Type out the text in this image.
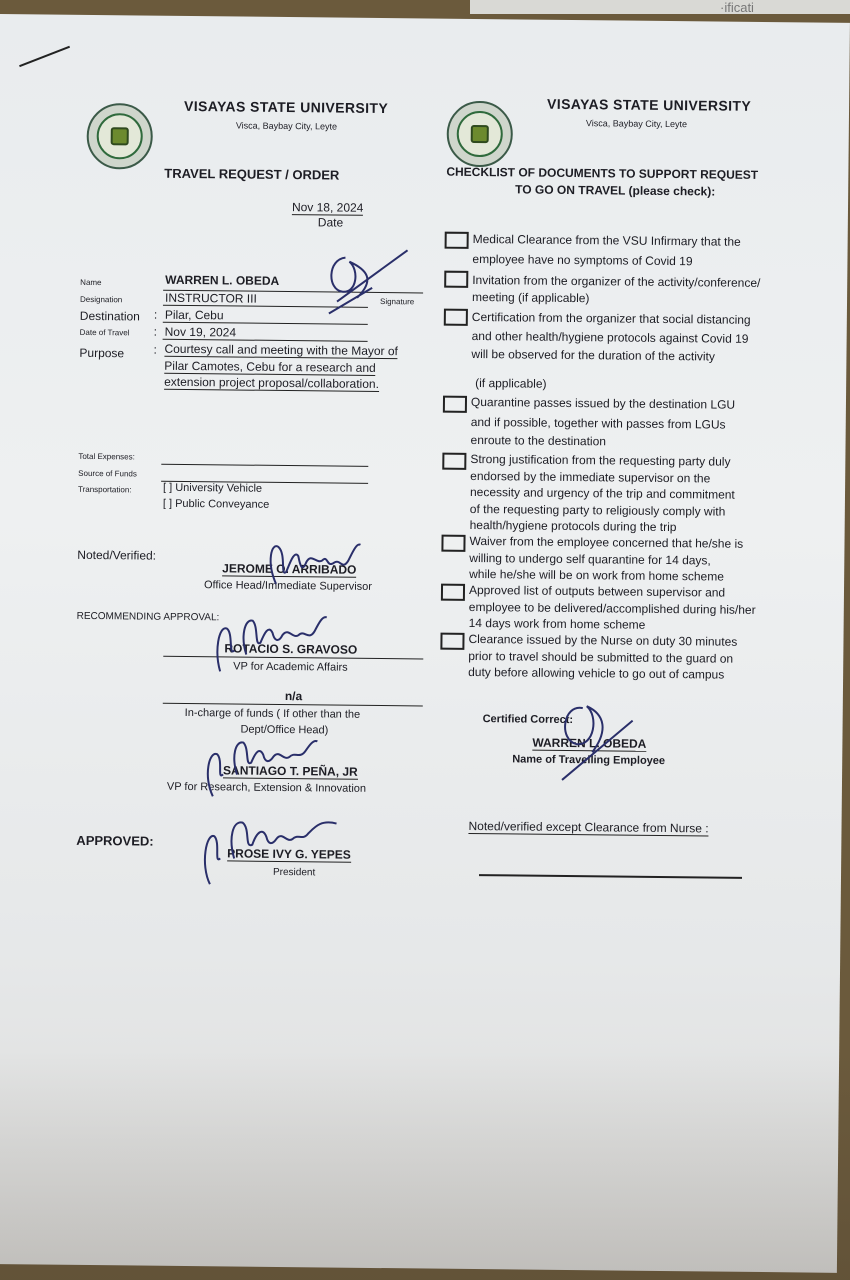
·ificati
VISAYAS STATE UNIVERSITY
Visca, Baybay City, Leyte
TRAVEL REQUEST / ORDER
VISAYAS STATE UNIVERSITY
Visca, Baybay City, Leyte
CHECKLIST OF DOCUMENTS TO SUPPORT REQUEST
TO GO ON TRAVEL (please check):
Nov 18, 2024
Date
Name	WARREN L. OBEDA
Designation	INSTRUCTOR III	Signature
Destination : Pilar, Cebu
Date of Travel : Nov 19, 2024
Purpose : Courtesy call and meeting with the Mayor of
Pilar Camotes, Cebu for a research and
extension project proposal/collaboration.
Total Expenses:
Source of Funds
Transportation:	[ ] University Vehicle
[ ] Public Conveyance
Noted/Verified:
JEROME O. ARRIBADO
Office Head/Immediate Supervisor
RECOMMENDING APPROVAL:
ROTACIO S. GRAVOSO
VP for Academic Affairs
n/a
In-charge of funds ( If other than the
Dept/Office Head)
SANTIAGO T. PEÑA, JR
VP for Research, Extension & Innovation
APPROVED:
PROSE IVY G. YEPES
President
Medical Clearance from the VSU Infirmary that the
employee have no symptoms of Covid 19
Invitation from the organizer of the activity/conference/
meeting (if applicable)
Certification from the organizer that social distancing
and other health/hygiene protocols against Covid 19
will be observed for the duration of the activity
(if applicable)
Quarantine passes issued by the destination LGU
and if possible, together with passes from LGUs
enroute to the destination
Strong justification from the requesting party duly
endorsed by the immediate supervisor on the
necessity and urgency of the trip and commitment
of the requesting party to religiously comply with
health/hygiene protocols during the trip
Waiver from the employee concerned that he/she is
willing to undergo self quarantine for 14 days,
while he/she will be on work from home scheme
Approved list of outputs between supervisor and
employee to be delivered/accomplished during his/her
14 days work from home scheme
Clearance issued by the Nurse on duty 30 minutes
prior to travel should be submitted to the guard on
duty before allowing vehicle to go out of campus
Certified Correct:
WARREN L. OBEDA
Name of Travelling Employee
Noted/verified except Clearance from Nurse :
